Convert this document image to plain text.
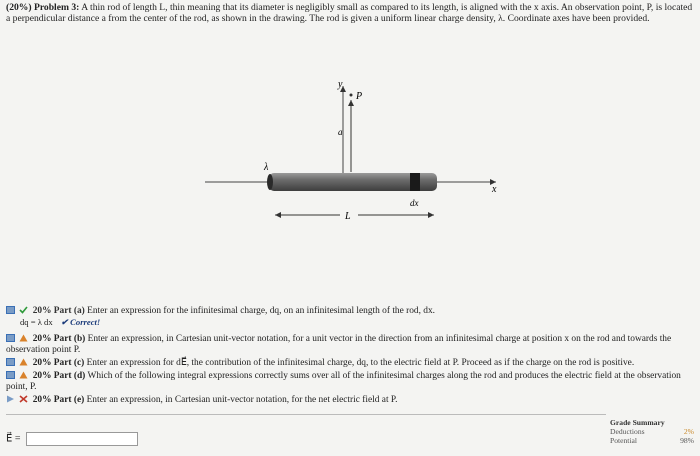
(20%) Problem 3: A thin rod of length L, thin meaning that its diameter is negligibly small as compared to its length, is aligned with the x axis. An observation point, P, is located a perpendicular distance a from the center of the rod, as shown in the drawing. The rod is given a uniform linear charge density, λ. Coordinate axes have been provided.
y
P
a
λ
dx
x
L
20% Part (a) Enter an expression for the infinitesimal charge, dq, on an infinitesimal length of the rod, dx.
dq = λ dx ✔ Correct!
20% Part (b) Enter an expression, in Cartesian unit-vector notation, for a unit vector in the direction from an infinitesimal charge at position x on the rod and towards the observation point P.
20% Part (c) Enter an expression for dE⃗, the contribution of the infinitesimal charge, dq, to the electric field at P. Proceed as if the charge on the rod is positive.
20% Part (d) Which of the following integral expressions correctly sums over all of the infinitesimal charges along the rod and produces the electric field at the observation point, P.
20% Part (e) Enter an expression, in Cartesian unit-vector notation, for the net electric field at P.
E⃗ =
Grade Summary
Deductions	2%
Potential	98%
